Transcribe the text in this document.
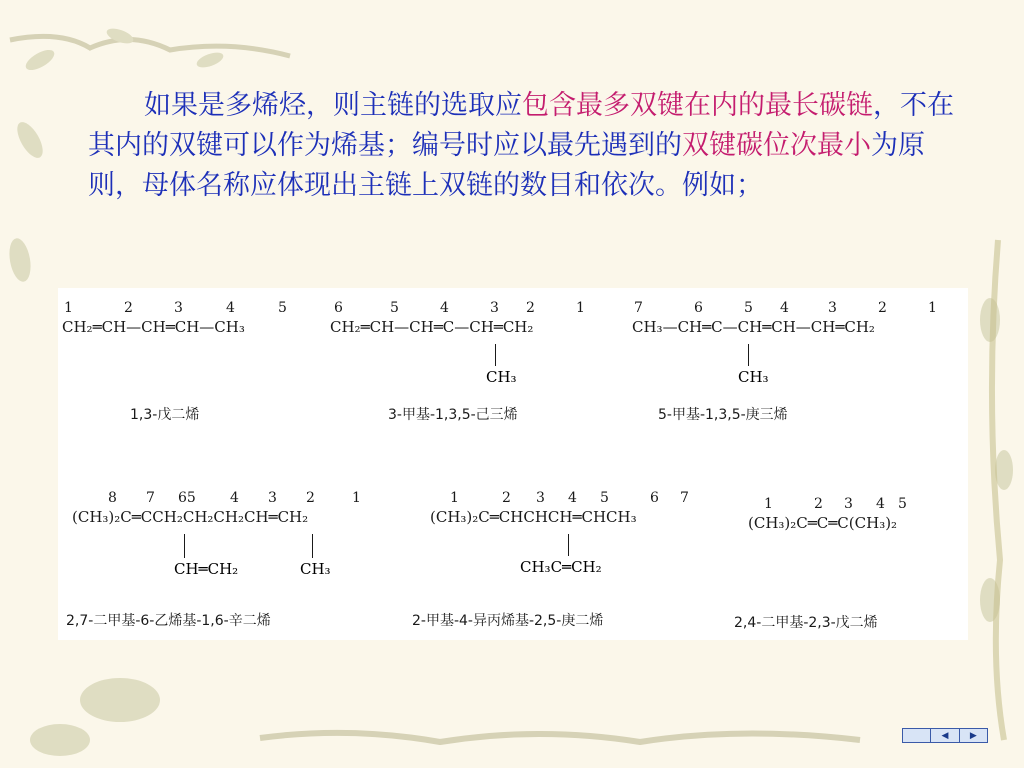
如果是多烯烃，则主链的选取应包含最多双键在内的最长碳链，不在其内的双键可以作为烯基；编号时应以最先遇到的双键碳位次最小为原则，母体名称应体现出主链上双链的数目和依次。例如；
1	2	3	4	5
CH₂═CH—CH═CH—CH₃
1,3-戊二烯
6	5	4	3 2	1
CH₂═CH—CH═C—CH═CH₂
CH₃
3-甲基-1,3,5-己三烯
7	6	5 4	3	2	1
CH₃—CH═C—CH═CH—CH═CH₂
CH₃
5-甲基-1,3,5-庚三烯
8 7 65 4 3 2	1
(CH₃)₂C═CCH₂CH₂CH₂CH═CH₂
CH═CH₂	CH₃
2,7-二甲基-6-乙烯基-1,6-辛二烯
1	2 3 4 5	6 7
(CH₃)₂C═CHCHCH═CHCH₃
CH₃C═CH₂
2-甲基-4-异丙烯基-2,5-庚二烯
1	2 3 4 5
(CH₃)₂C═C═C(CH₃)₂
2,4-二甲基-2,3-戊二烯
◀ ▶
